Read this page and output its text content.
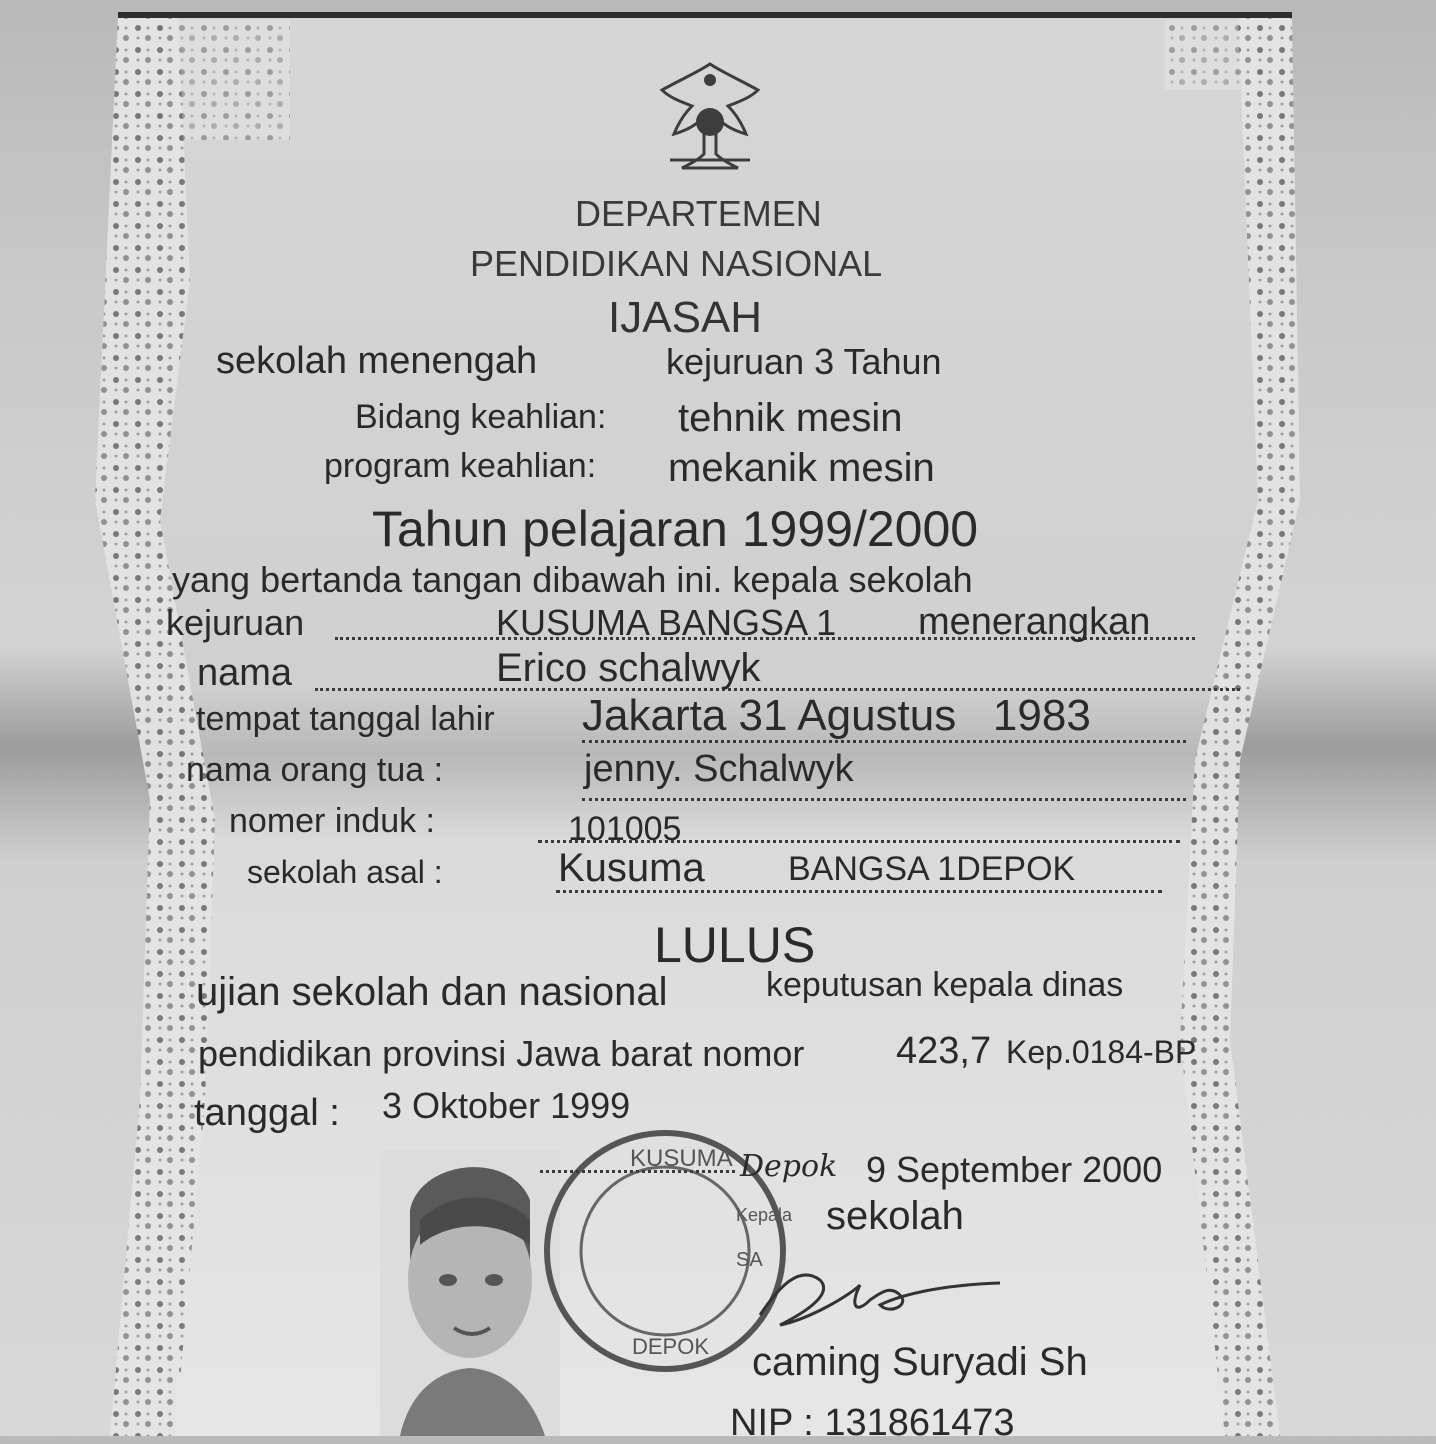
DEPARTEMEN
PENDIDIKAN NASIONAL
IJASAH
sekolah menengah	kejuruan 3 Tahun
Bidang keahlian: tehnik mesin
program keahlian: mekanik mesin
Tahun pelajaran 1999/2000
yang bertanda tangan dibawah ini. kepala sekolah
kejuruan	KUSUMA BANGSA 1 menerangkan
nama	Erico schalwyk
tempat tanggal lahir Jakarta 31 Agustus   1983
nama orang tua :	jenny. Schalwyk
nomer induk :	101005
sekolah asal :	Kusuma BANGSA 1DEPOK
LULUS
ujian sekolah dan nasional	keputusan kepala dinas
pendidikan provinsi Jawa barat nomor 423,7 Kep.0184-BP
tanggal : 3 Oktober 1999
KUSUMA
SA
DEPOK
Depok 9 September 2000
Kepala sekolah
caming Suryadi Sh
NIP : 131861473
